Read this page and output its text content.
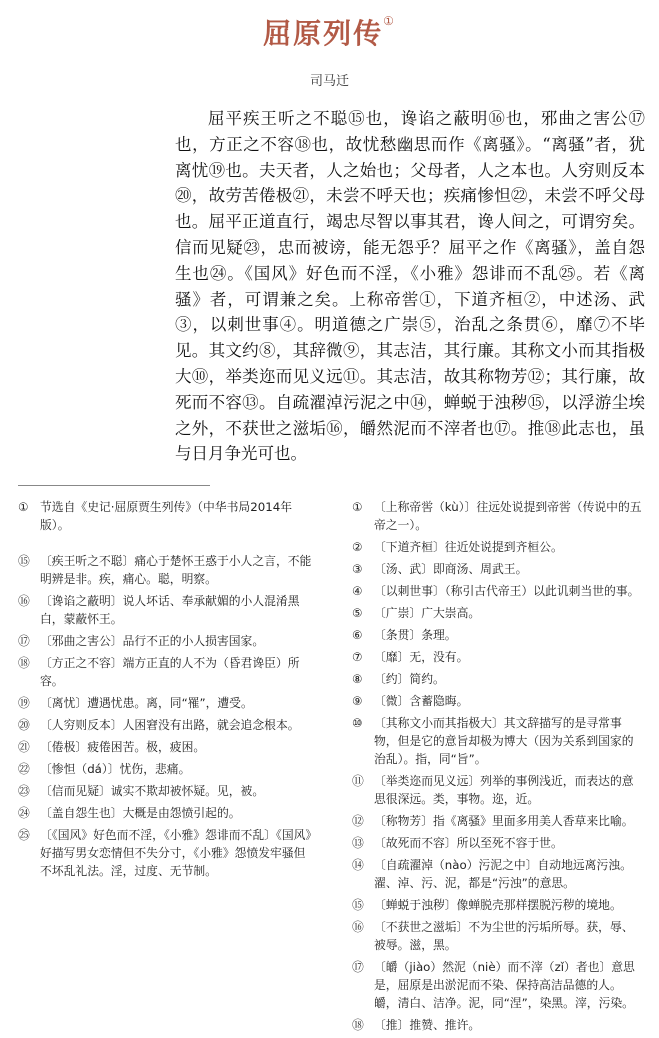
屈原列传①
司马迁
屈平疾王听之不聪⑮也，谗谄之蔽明⑯也，邪曲之害公⑰也，方正之不容⑱也，故忧愁幽思而作《离骚》。“离骚”者，犹离忧⑲也。夫天者，人之始也；父母者，人之本也。人穷则反本⑳，故劳苦倦极㉑，未尝不呼天也；疾痛惨怛㉒，未尝不呼父母也。屈平正道直行，竭忠尽智以事其君，谗人间之，可谓穷矣。信而见疑㉓，忠而被谤，能无怨乎？屈平之作《离骚》，盖自怨生也㉔。《国风》好色而不淫，《小雅》怨诽而不乱㉕。若《离骚》者，可谓兼之矣。上称帝喾①，下道齐桓②，中述汤、武③，以刺世事④。明道德之广崇⑤，治乱之条贯⑥，靡⑦不毕见。其文约⑧，其辞微⑨，其志洁，其行廉。其称文小而其指极大⑩，举类迩而见义远⑪。其志洁，故其称物芳⑫；其行廉，故死而不容⑬。自疏濯淖污泥之中⑭，蝉蜕于浊秽⑮，以浮游尘埃之外，不获世之滋垢⑯，皭然泥而不滓者也⑰。推⑱此志也，虽与日月争光可也。
① 节选自《史记·屈原贾生列传》（中华书局2014年版）。
⑮ 〔疾王听之不聪〕痛心于楚怀王惑于小人之言，不能明辨是非。疾，痛心。聪，明察。
⑯ 〔谗谄之蔽明〕说人坏话、奉承献媚的小人混淆黑白，蒙蔽怀王。
⑰ 〔邪曲之害公〕品行不正的小人损害国家。
⑱ 〔方正之不容〕端方正直的人不为（昏君谗臣）所容。
⑲ 〔离忧〕遭遇忧患。离，同“罹”，遭受。
⑳ 〔人穷则反本〕人困窘没有出路，就会追念根本。
㉑ 〔倦极〕疲倦困苦。极，疲困。
㉒ 〔惨怛（dá）〕忧伤，悲痛。
㉓ 〔信而见疑〕诚实不欺却被怀疑。见，被。
㉔ 〔盖自怨生也〕大概是由怨愤引起的。
㉕ 〔《国风》好色而不淫，《小雅》怨诽而不乱〕《国风》好描写男女恋情但不失分寸，《小雅》怨愤发牢骚但不坏乱礼法。淫，过度、无节制。
① 〔上称帝喾（kù）〕往远处说提到帝喾（传说中的五帝之一）。
② 〔下道齐桓〕往近处说提到齐桓公。
③ 〔汤、武〕即商汤、周武王。
④ 〔以刺世事〕（称引古代帝王）以此讥刺当世的事。
⑤ 〔广崇〕广大崇高。
⑥ 〔条贯〕条理。
⑦ 〔靡〕无，没有。
⑧ 〔约〕简约。
⑨ 〔微〕含蓄隐晦。
⑩ 〔其称文小而其指极大〕其文辞描写的是寻常事物，但是它的意旨却极为博大（因为关系到国家的治乱）。指，同“旨”。
⑪ 〔举类迩而见义远〕列举的事例浅近，而表达的意思很深远。类，事物。迩，近。
⑫ 〔称物芳〕指《离骚》里面多用美人香草来比喻。
⑬ 〔故死而不容〕所以至死不容于世。
⑭ 〔自疏濯淖（nào）污泥之中〕自动地远离污浊。濯、淖、污、泥，都是“污浊”的意思。
⑮ 〔蝉蜕于浊秽〕像蝉脱壳那样摆脱污秽的境地。
⑯ 〔不获世之滋垢〕不为尘世的污垢所辱。获，辱、被辱。滋，黑。
⑰ 〔皭（jiào）然泥（niè）而不滓（zǐ）者也〕意思是，屈原是出淤泥而不染、保持高洁品德的人。皭，清白、洁净。泥，同“涅”，染黑。滓，污染。
⑱ 〔推〕推赞、推许。
